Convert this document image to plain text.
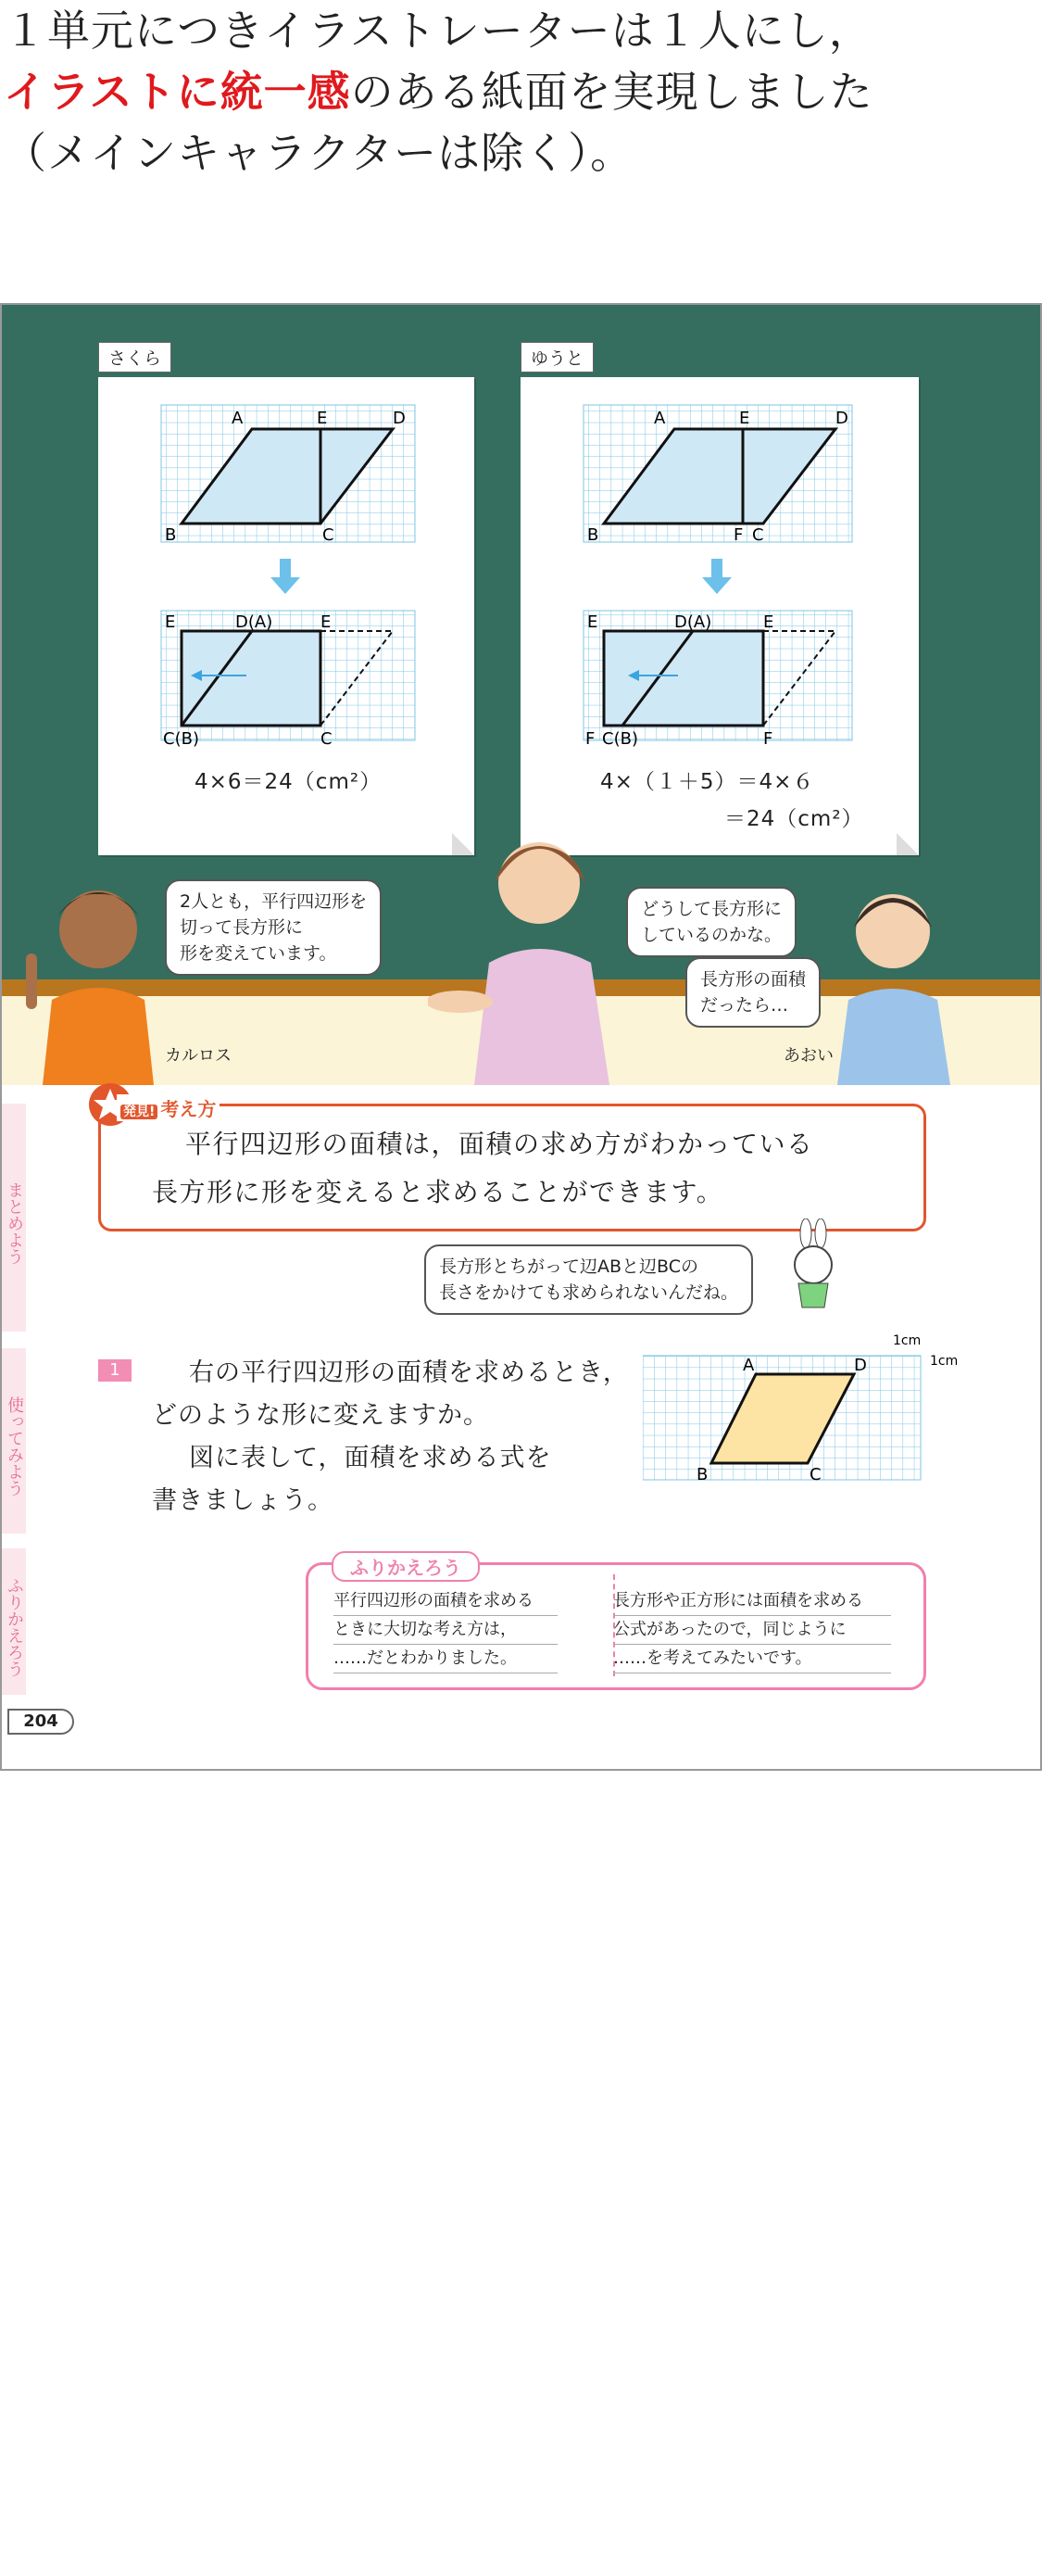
１単元につきイラストレーターは１人にし，
イラストに統一感のある紙面を実現しました
（メインキャラクターは除く）。
さくら
A	E	D
B	C
E	D(A)	E
C(B)	C
4×6＝24（cm²）
ゆうと
A	E	D
B	F C
E	D(A)	E
F C(B)	F
4×（１＋5）＝4×６
＝24（cm²）
2人とも，平行四辺形を
切って長方形に
形を変えています。
どうして長方形に
しているのかな。
長方形の面積
だったら…
カルロス	あおい
まとめよう
使ってみよう
ふりかえろう
発見! 考え方
平行四辺形の面積は，面積の求め方がわかっている
長方形に形を変えると求めることができます。
長方形とちがって辺ABと辺BCの
長さをかけても求められないんだね。
1	右の平行四辺形の面積を求めるとき，
どのような形に変えますか。
図に表して，面積を求める式を
書きましょう。
A	D
B	C
1cm
1cm
ふりかえろう
平行四辺形の面積を求める
ときに大切な考え方は，
……だとわかりました。
長方形や正方形には面積を求める
公式があったので，同じように
……を考えてみたいです。
204
